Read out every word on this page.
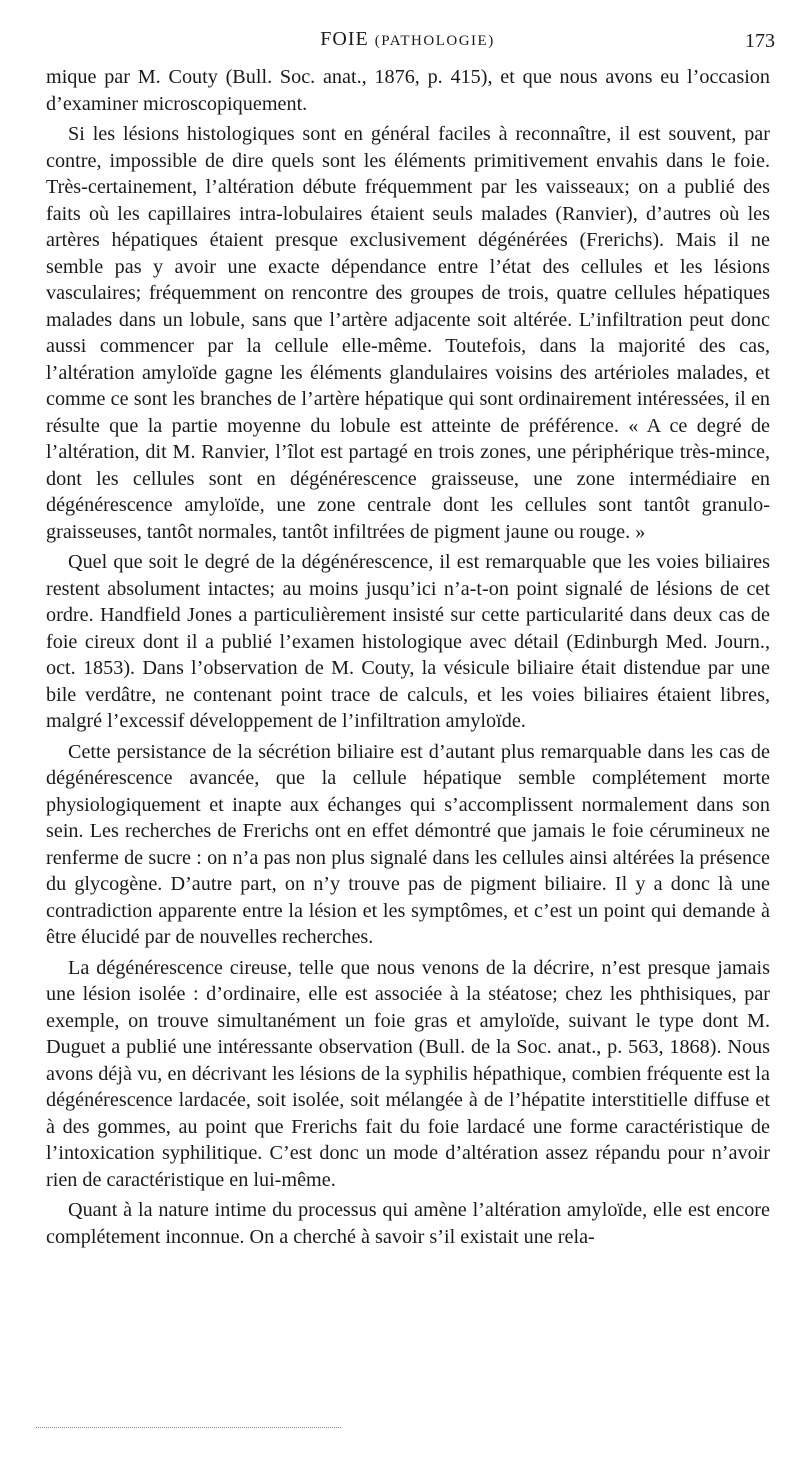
FOIE (PATHOLOGIE)	173

mique par M. Couty (Bull. Soc. anat., 1876, p. 415), et que nous avons eu l’occasion d’examiner microscopiquement.

Si les lésions histologiques sont en général faciles à reconnaître, il est souvent, par contre, impossible de dire quels sont les éléments primitivement envahis dans le foie. Très-certainement, l’altération débute fréquemment par les vaisseaux; on a publié des faits où les capillaires intra-lobulaires étaient seuls malades (Ranvier), d’autres où les artères hépatiques étaient presque exclusivement dégénérées (Frerichs). Mais il ne semble pas y avoir une exacte dépendance entre l’état des cellules et les lésions vasculaires; fréquemment on rencontre des groupes de trois, quatre cellules hépatiques malades dans un lobule, sans que l’artère adjacente soit altérée. L’infiltration peut donc aussi commencer par la cellule elle-même. Toutefois, dans la majorité des cas, l’altération amyloïde gagne les éléments glandulaires voisins des artérioles malades, et comme ce sont les branches de l’artère hépatique qui sont ordinairement intéressées, il en résulte que la partie moyenne du lobule est atteinte de préférence. « A ce degré de l’altération, dit M. Ranvier, l’îlot est partagé en trois zones, une périphérique très-mince, dont les cellules sont en dégénérescence graisseuse, une zone intermédiaire en dégénérescence amyloïde, une zone centrale dont les cellules sont tantôt granulo-graisseuses, tantôt normales, tantôt infiltrées de pigment jaune ou rouge. »

Quel que soit le degré de la dégénérescence, il est remarquable que les voies biliaires restent absolument intactes; au moins jusqu’ici n’a-t-on point signalé de lésions de cet ordre. Handfield Jones a particulièrement insisté sur cette particularité dans deux cas de foie cireux dont il a publié l’examen histologique avec détail (Edinburgh Med. Journ., oct. 1853). Dans l’observation de M. Couty, la vésicule biliaire était distendue par une bile verdâtre, ne contenant point trace de calculs, et les voies biliaires étaient libres, malgré l’excessif développement de l’infiltration amyloïde.

Cette persistance de la sécrétion biliaire est d’autant plus remarquable dans les cas de dégénérescence avancée, que la cellule hépatique semble complétement morte physiologiquement et inapte aux échanges qui s’accomplissent normalement dans son sein. Les recherches de Frerichs ont en effet démontré que jamais le foie cérumineux ne renferme de sucre : on n’a pas non plus signalé dans les cellules ainsi altérées la présence du glycogène. D’autre part, on n’y trouve pas de pigment biliaire. Il y a donc là une contradiction apparente entre la lésion et les symptômes, et c’est un point qui demande à être élucidé par de nouvelles recherches.

La dégénérescence cireuse, telle que nous venons de la décrire, n’est presque jamais une lésion isolée : d’ordinaire, elle est associée à la stéatose; chez les phthisiques, par exemple, on trouve simultanément un foie gras et amyloïde, suivant le type dont M. Duguet a publié une intéressante observation (Bull. de la Soc. anat., p. 563, 1868). Nous avons déjà vu, en décrivant les lésions de la syphilis hépathique, combien fréquente est la dégénérescence lardacée, soit isolée, soit mélangée à de l’hépatite interstitielle diffuse et à des gommes, au point que Frerichs fait du foie lardacé une forme caractéristique de l’intoxication syphilitique. C’est donc un mode d’altération assez répandu pour n’avoir rien de caractéristique en lui-même.

Quant à la nature intime du processus qui amène l’altération amyloïde, elle est encore complétement inconnue. On a cherché à savoir s’il existait une rela-
